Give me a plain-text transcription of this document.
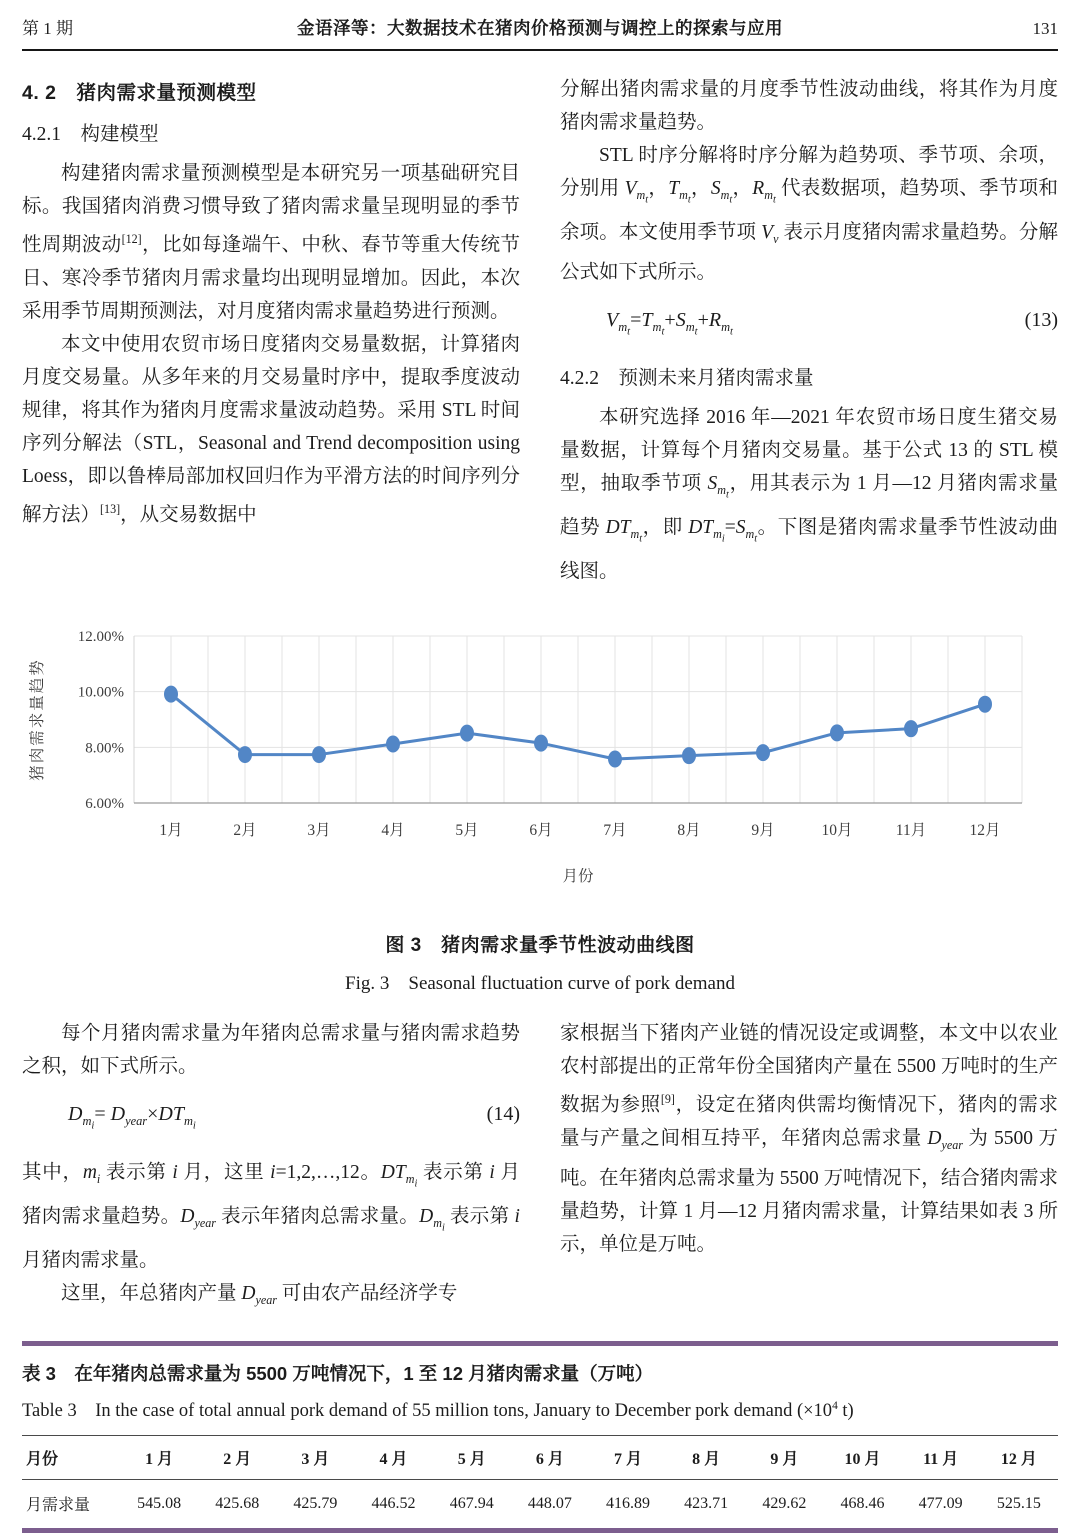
第 1 期	金语泽等：大数据技术在猪肉价格预测与调控上的探索与应用	131
4. 2　猪肉需求量预测模型
4.2.1　构建模型

构建猪肉需求量预测模型是本研究另一项基础研究目标。我国猪肉消费习惯导致了猪肉需求量呈现明显的季节性周期波动[12]，比如每逢端午、中秋、春节等重大传统节日、寒冷季节猪肉月需求量均出现明显增加。因此，本次采用季节周期预测法，对月度猪肉需求量趋势进行预测。

本文中使用农贸市场日度猪肉交易量数据，计算猪肉月度交易量。从多年来的月交易量时序中，提取季度波动规律，将其作为猪肉月度需求量波动趋势。采用 STL 时间序列分解法（STL，Seasonal and Trend decomposition using Loess，即以鲁棒局部加权回归作为平滑方法的时间序列分解方法）[13]，从交易数据中

分解出猪肉需求量的月度季节性波动曲线，将其作为月度猪肉需求量趋势。

STL 时序分解将时序分解为趋势项、季节项、余项，分别用 $V_{m_t}$，$T_{m_t}$，$S_{m_t}$，$R_{m_t}$ 代表数据项，趋势项、季节项和余项。本文使用季节项 $V_v$ 表示月度猪肉需求量趋势。分解公式如下式所示。

$V_{m_t}=T_{m_t}+S_{m_t}+R_{m_t}$
(13)
4.2.2　预测未来月猪肉需求量

本研究选择 2016 年—2021 年农贸市场日度生猪交易量数据，计算每个月猪肉交易量。基于公式 13 的 STL 模型，抽取季节项 $S_{m_t}$，用其表示为 1 月—12 月猪肉需求量趋势 $DT_{m_t}$，即 $DT_{m_i}=S_{m_t}$。下图是猪肉需求量季节性波动曲线图。

6.00%
8.00%
10.00%
12.00%
1月	2月	3月	4月	5月	6月	7月	8月	9月	10月	11月	12月
月份
猪肉需求量趋势
图 3　猪肉需求量季节性波动曲线图
Fig. 3　Seasonal fluctuation curve of pork demand

每个月猪肉需求量为年猪肉总需求量与猪肉需求趋势之积，如下式所示。

$D_{m_i}= D_{year}\times DT_{m_i}$
(14)

其中，$m_i$ 表示第 i 月，这里 i=1,2,…,12。$DT_{m_i}$ 表示第 i 月猪肉需求量趋势。$D_{year}$ 表示年猪肉总需求量。$D_{m_i}$ 表示第 i 月猪肉需求量。

这里，年总猪肉产量 $D_{year}$ 可由农产品经济学专

家根据当下猪肉产业链的情况设定或调整，本文中以农业农村部提出的正常年份全国猪肉产量在 5500 万吨时的生产数据为参照[9]，设定在猪肉供需均衡情况下，猪肉的需求量与产量之间相互持平，年猪肉总需求量 $D_{year}$ 为 5500 万吨。在年猪肉总需求量为 5500 万吨情况下，结合猪肉需求量趋势，计算 1 月—12 月猪肉需求量，计算结果如表 3 所示，单位是万吨。

表 3　在年猪肉总需求量为 5500 万吨情况下，1 至 12 月猪肉需求量（万吨）
Table 3　In the case of total annual pork demand of 55 million tons, January to December pork demand ($\times 10^4$ t)
月份	1 月	2 月	3 月	4 月	5 月	6 月	7 月	8 月	9 月	10 月	11 月	12 月
月需求量	545.08	425.68	425.79	446.52	467.94	448.07	416.89	423.71	429.62	468.46	477.09	525.15
